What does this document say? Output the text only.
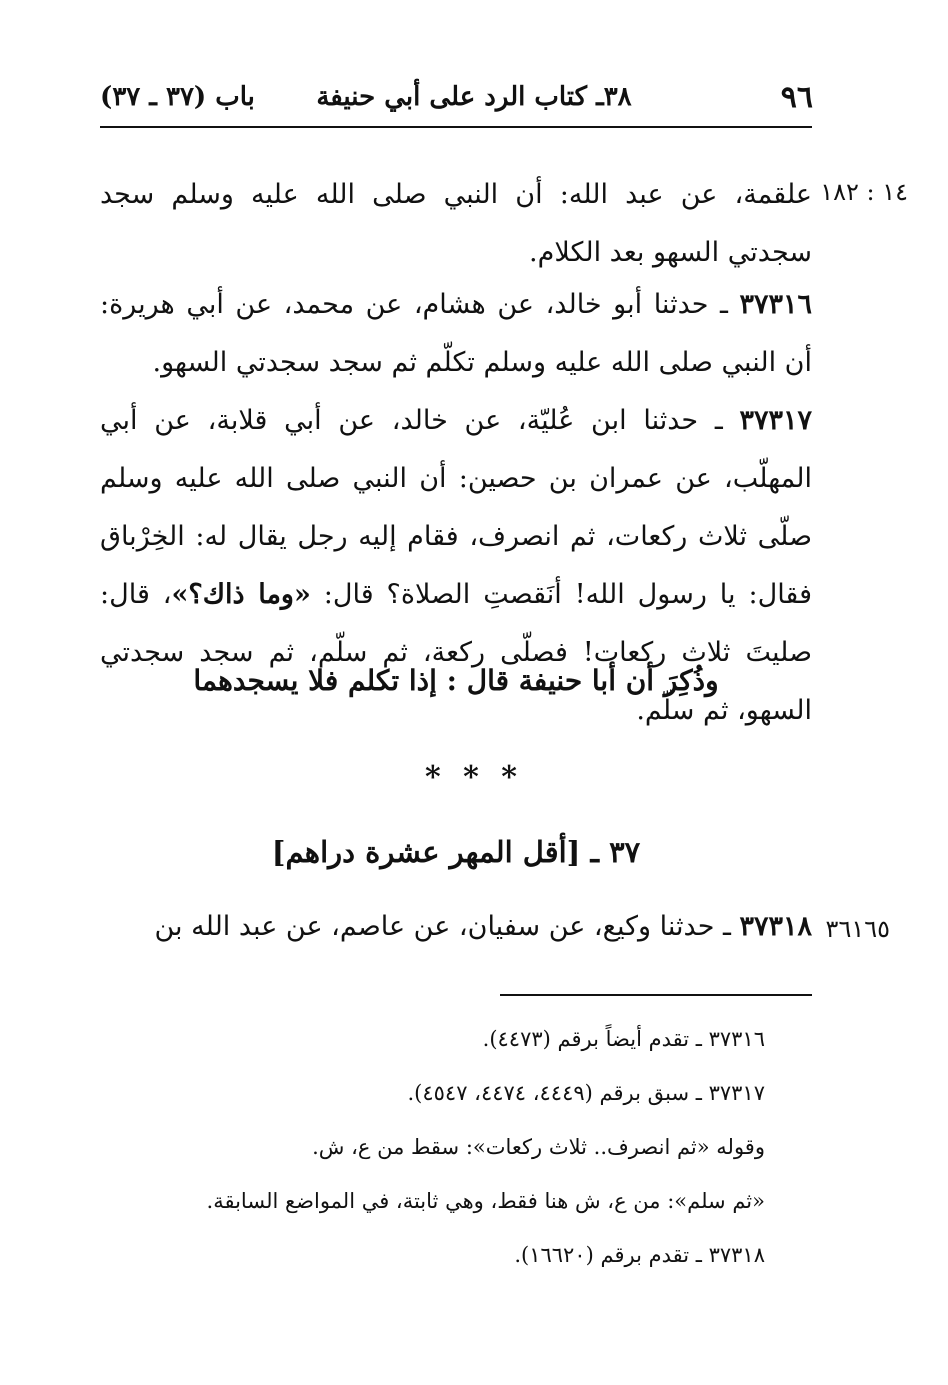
٩٦
٣٨ـ كتاب الرد على أبي حنيفة
باب (٣٧ ـ ٣٧)
١٤ : ١٨٢
٣٦١٦٥

علقمة، عن عبد الله: أن النبي صلى الله عليه وسلم سجد سجدتي السهو بعد الكلام.

٣٧٣١٦ ـ حدثنا أبو خالد، عن هشام، عن محمد، عن أبي هريرة: أن النبي صلى الله عليه وسلم تكلّم ثم سجد سجدتي السهو.

٣٧٣١٧ ـ حدثنا ابن عُليّة، عن خالد، عن أبي قلابة، عن أبي المهلّب، عن عمران بن حصين: أن النبي صلى الله عليه وسلم صلّى ثلاث ركعات، ثم انصرف، فقام إليه رجل يقال له: الخِرْباق فقال: يا رسول الله! أنَقصتِ الصلاة؟ قال: «وما ذاك؟»، قال: صليتَ ثلاث ركعات! فصلّى ركعة، ثم سلّم، ثم سجد سجدتي السهو، ثم سلّم.

وذُكِرَ أن أبا حنيفة قال : إذا تكلم فلا يسجدهما
* * *
٣٧ ـ [أقل المهر عشرة دراهم]

٣٧٣١٨ ـ حدثنا وكيع، عن سفيان، عن عاصم، عن عبد الله بن

٣٧٣١٦ ـ تقدم أيضاً برقم (٤٤٧٣).

٣٧٣١٧ ـ سبق برقم (٤٤٤٩، ٤٤٧٤، ٤٥٤٧).

وقوله «ثم انصرف.. ثلاث ركعات»: سقط من ع، ش.

«ثم سلم»: من ع، ش هنا فقط، وهي ثابتة، في المواضع السابقة.

٣٧٣١٨ ـ تقدم برقم (١٦٦٢٠).
